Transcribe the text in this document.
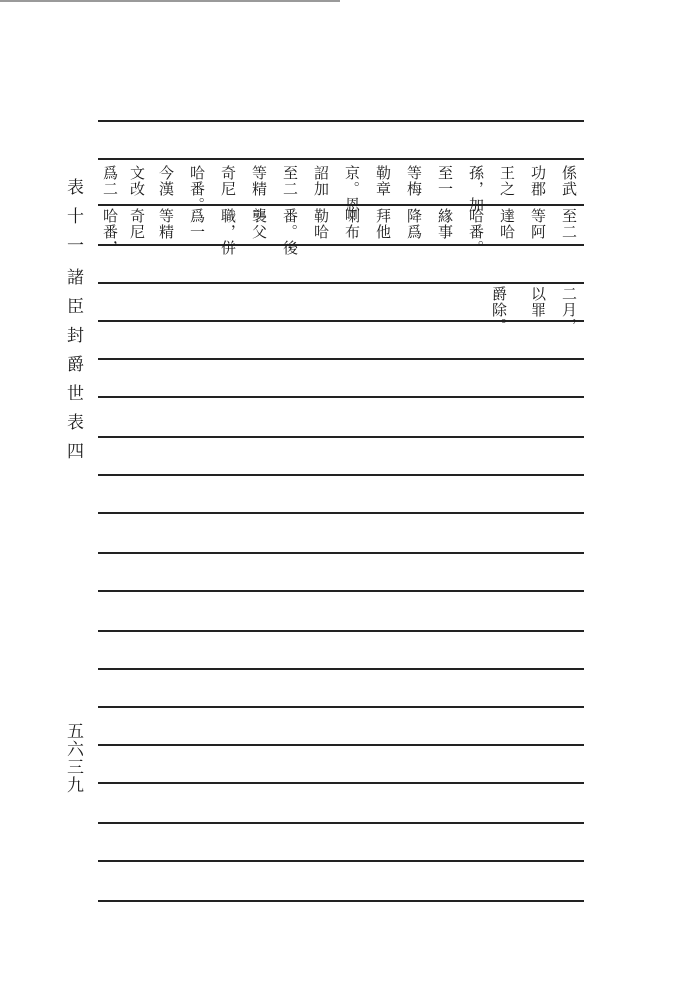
表十一
諸臣封爵世表四
五六三九
係武
功郡
王之
孫，加
至一
等梅
勒章
京。恩
詔加
至二
等精
奇尼
哈番。
今漢
文改
爲二
至二
等阿
達哈
哈番。
緣事
降爲
拜他
喇布
勒哈
番。後
襲父
職，併
爲一
等精
奇尼
哈番，
二月，
以罪
爵除。
